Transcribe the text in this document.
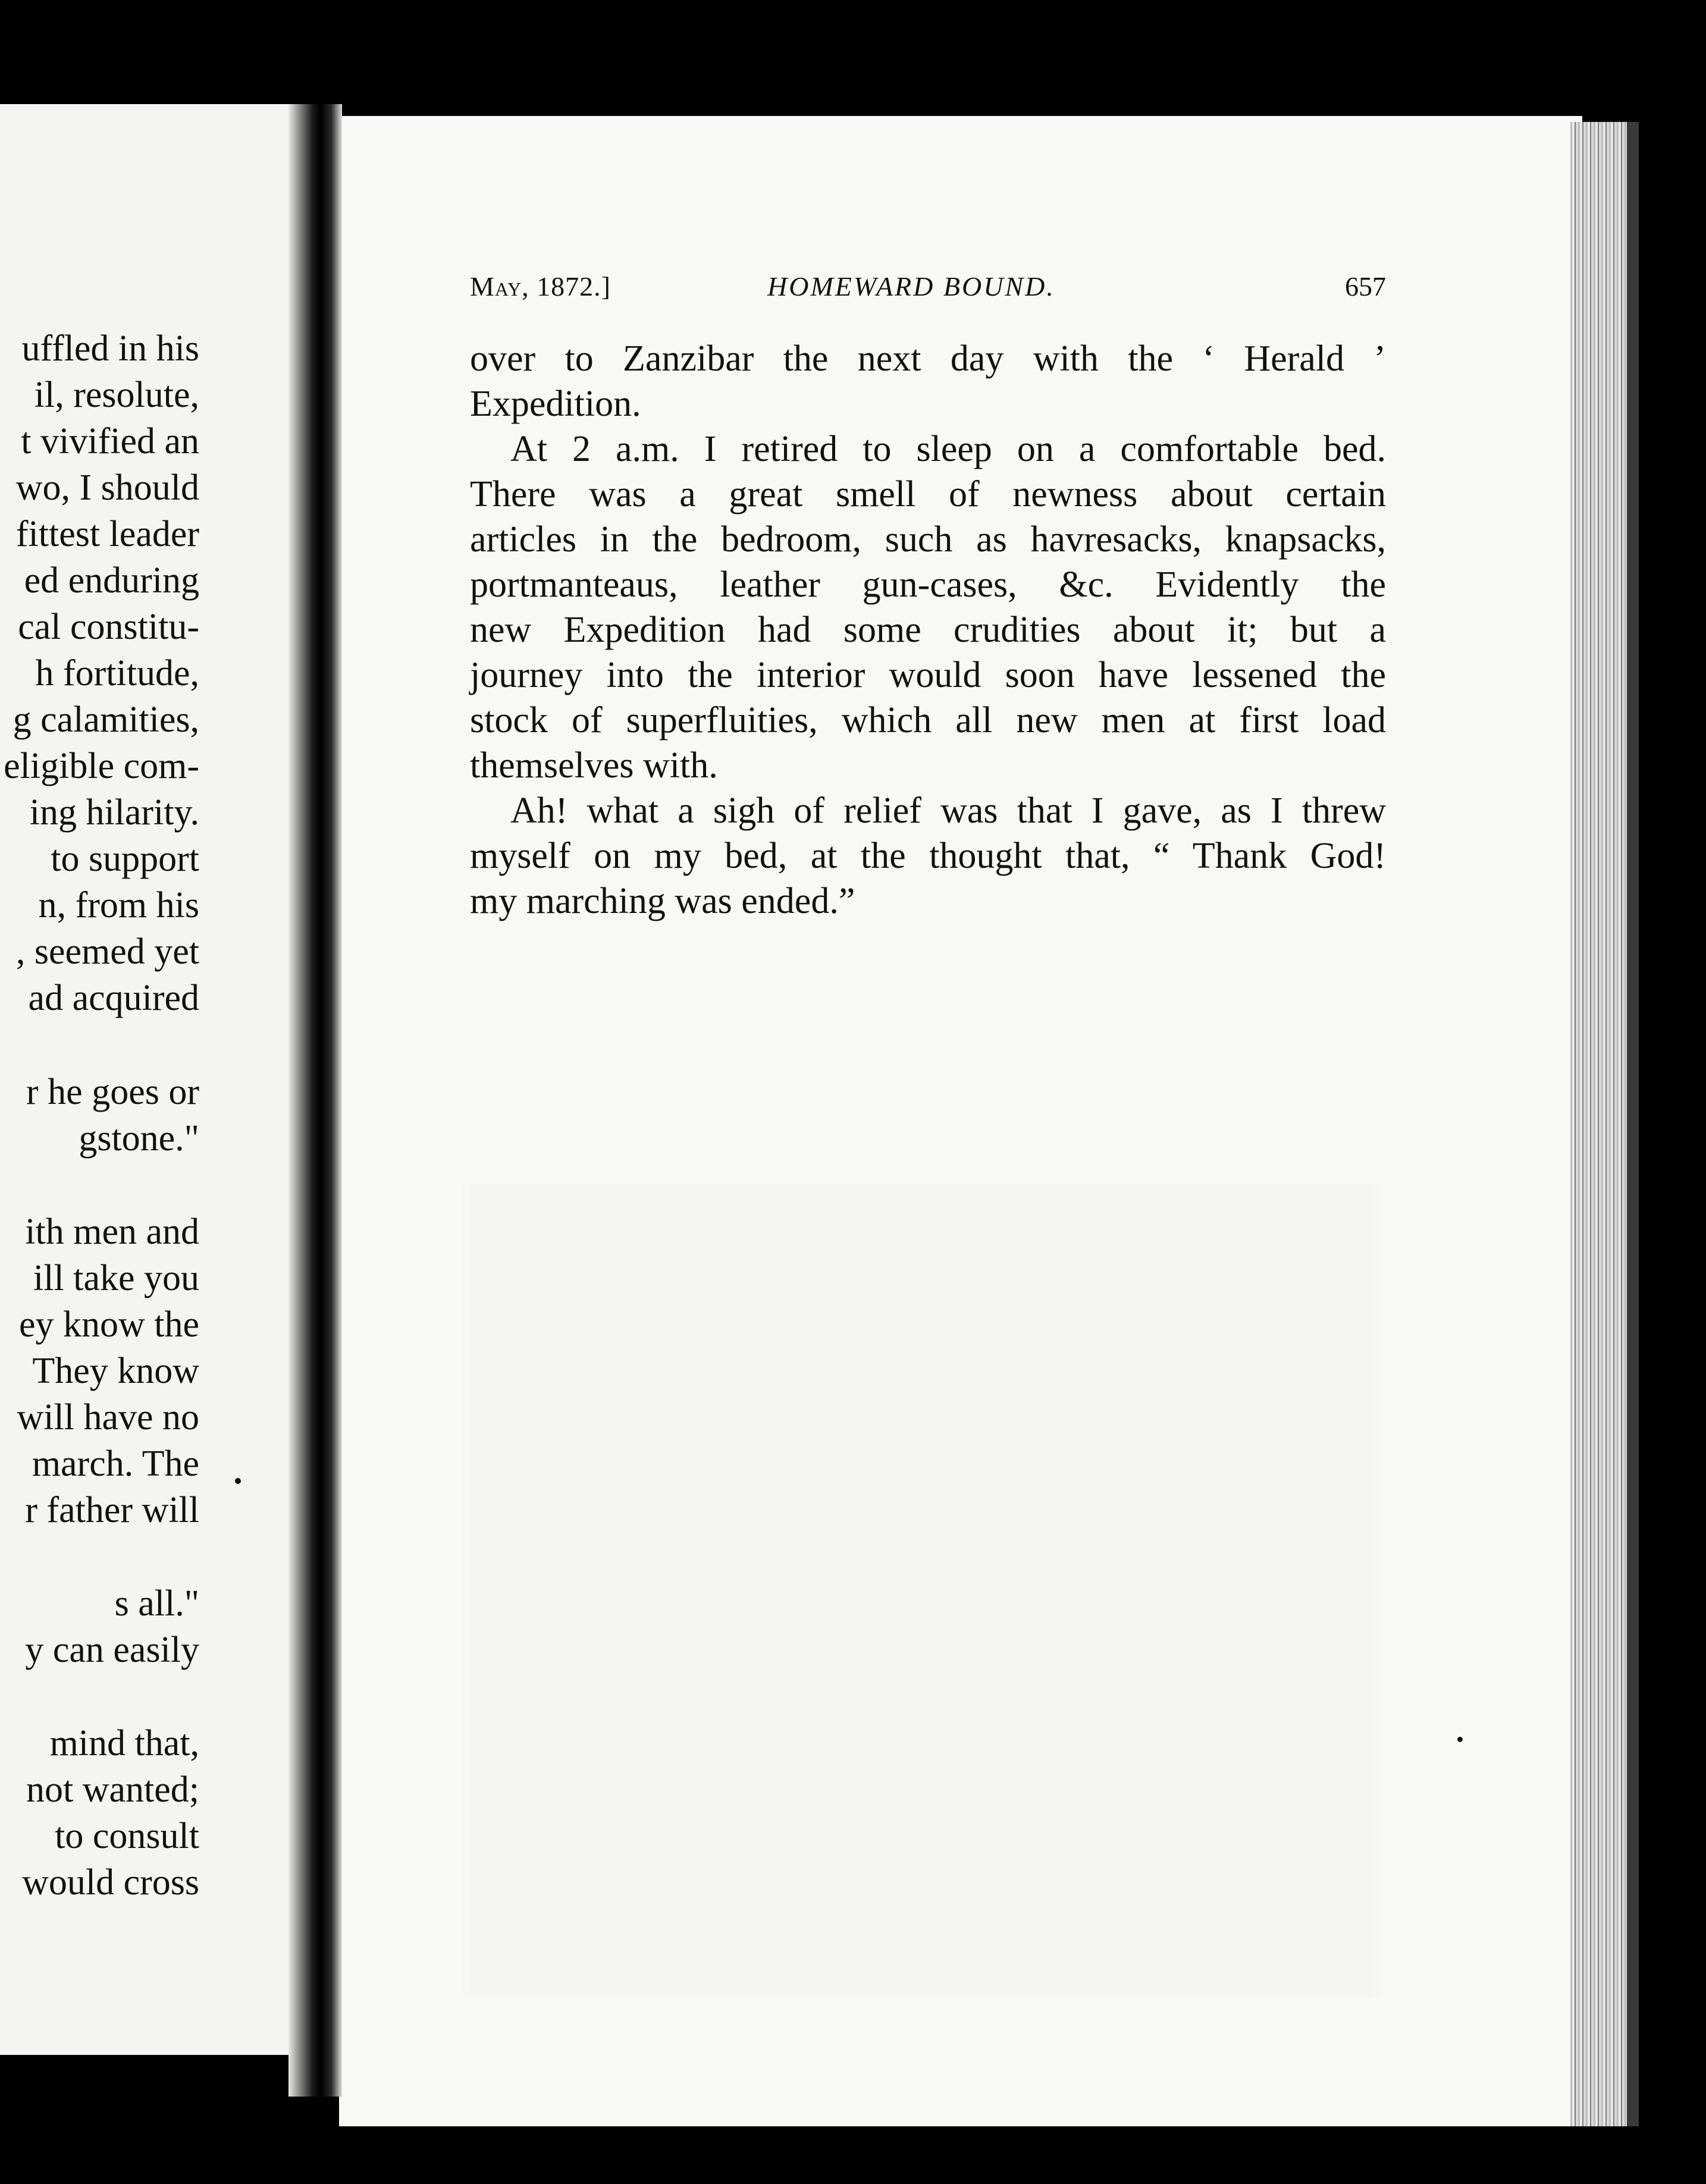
uffled in his
il, resolute,
t vivified an
wo, I should
fittest leader
ed enduring
cal constitu-
h fortitude,
g calamities,
eligible com-
ing hilarity.
to support
n, from his
, seemed yet
ad acquired
r he goes or
gstone."
ith men and
ill take you
ey know the
They know
will have no
march. The
r father will
s all."
y can easily
mind that,
not wanted;
to consult
would cross
May, 1872.]	HOMEWARD BOUND.	657
over to Zanzibar the next day with the ‘ Herald ’
Expedition.
At 2 a.m. I retired to sleep on a comfortable bed.
There was a great smell of newness about certain
articles in the bedroom, such as havresacks, knapsacks,
portmanteaus, leather gun-cases, &c. Evidently the
new Expedition had some crudities about it; but a
journey into the interior would soon have lessened the
stock of superfluities, which all new men at first load
themselves with.
Ah! what a sigh of relief was that I gave, as I threw
myself on my bed, at the thought that, “ Thank God!
my marching was ended.”
